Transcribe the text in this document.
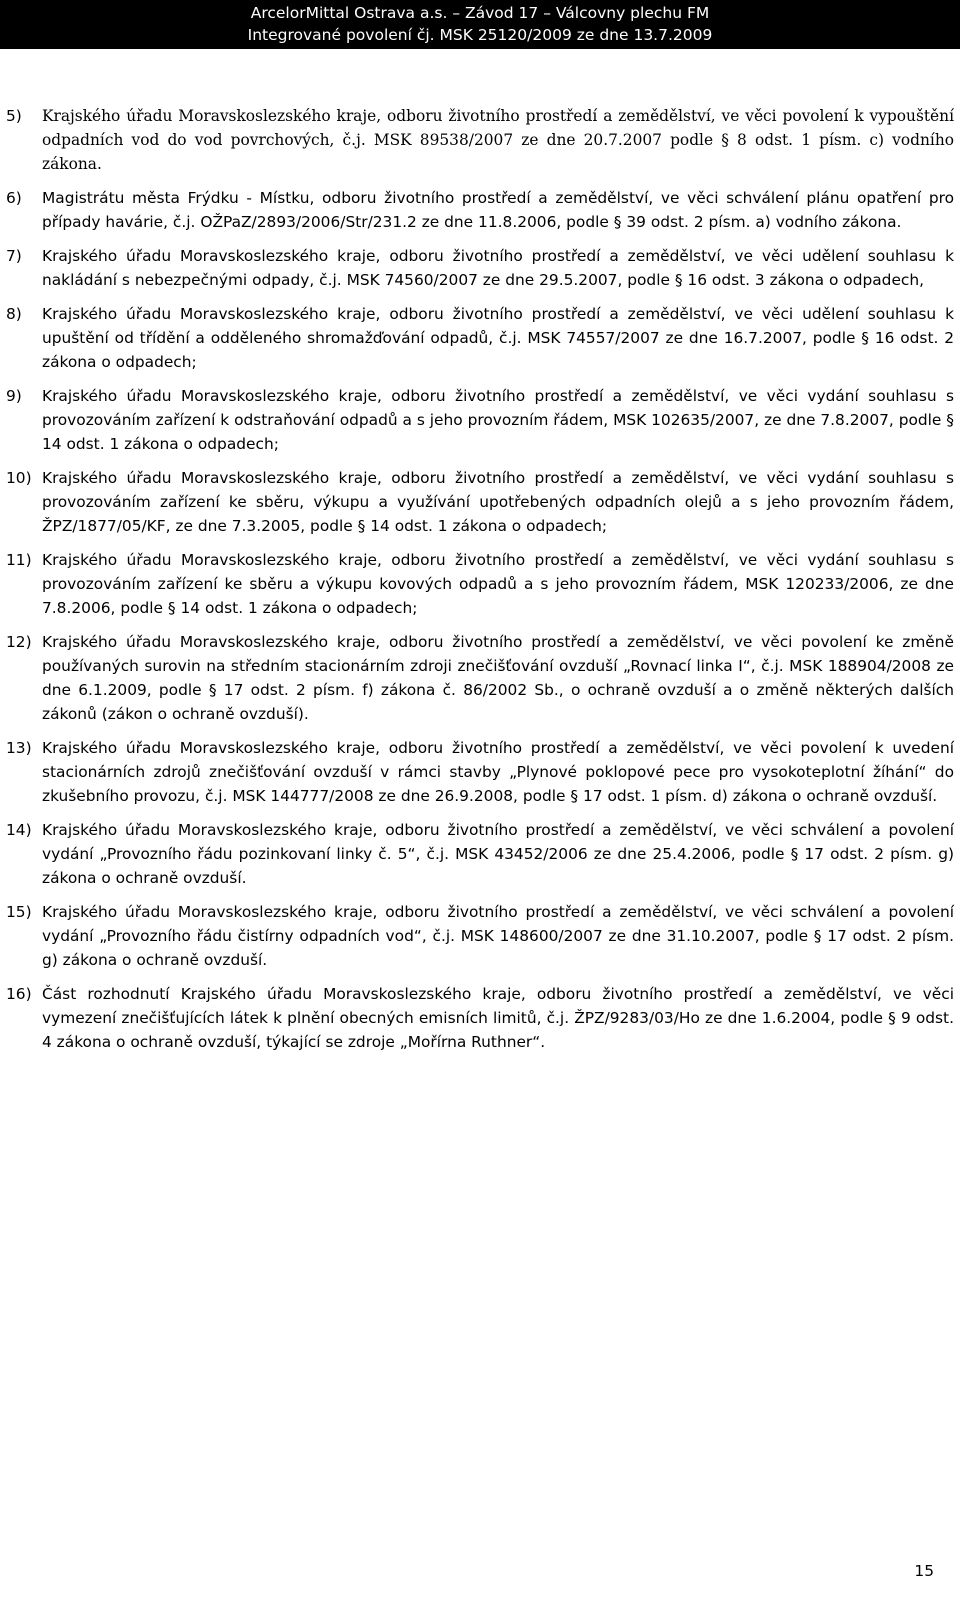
ArcelorMittal Ostrava a.s. – Závod 17 – Válcovny plechu FM
Integrované povolení čj. MSK 25120/2009 ze dne 13.7.2009
5)	Krajského úřadu Moravskoslezského kraje, odboru životního prostředí a zemědělství, ve věci povolení k vypouštění odpadních vod do vod povrchových, č.j. MSK 89538/2007 ze dne 20.7.2007 podle § 8 odst. 1 písm. c) vodního zákona.
6)	Magistrátu města Frýdku - Místku, odboru životního prostředí a zemědělství, ve věci schválení plánu opatření pro případy havárie, č.j. OŽPaZ/2893/2006/Str/231.2 ze dne 11.8.2006, podle § 39 odst. 2 písm. a) vodního zákona.
7)	Krajského úřadu Moravskoslezského kraje, odboru životního prostředí a zemědělství, ve věci udělení souhlasu k nakládání s nebezpečnými odpady, č.j. MSK 74560/2007 ze dne 29.5.2007, podle § 16 odst. 3 zákona o odpadech,
8)	Krajského úřadu Moravskoslezského kraje, odboru životního prostředí a zemědělství, ve věci udělení souhlasu k upuštění od třídění a odděleného shromažďování odpadů, č.j. MSK 74557/2007 ze dne 16.7.2007, podle § 16 odst. 2 zákona o odpadech;
9)	Krajského úřadu Moravskoslezského kraje, odboru životního prostředí a zemědělství, ve věci vydání souhlasu s provozováním zařízení k odstraňování odpadů a s jeho provozním řádem, MSK 102635/2007, ze dne 7.8.2007, podle § 14 odst. 1 zákona o odpadech;
10) Krajského úřadu Moravskoslezského kraje, odboru životního prostředí a zemědělství, ve věci vydání souhlasu s provozováním zařízení ke sběru, výkupu a využívání upotřebených odpadních olejů a s jeho provozním řádem, ŽPZ/1877/05/KF, ze dne 7.3.2005, podle § 14 odst. 1 zákona o odpadech;
11) Krajského úřadu Moravskoslezského kraje, odboru životního prostředí a zemědělství, ve věci vydání souhlasu s provozováním zařízení ke sběru a výkupu kovových odpadů a s jeho provozním řádem, MSK 120233/2006, ze dne 7.8.2006, podle § 14 odst. 1 zákona o odpadech;
12) Krajského úřadu Moravskoslezského kraje, odboru životního prostředí a zemědělství, ve věci povolení ke změně používaných surovin na středním stacionárním zdroji znečišťování ovzduší „Rovnací linka I“, č.j. MSK 188904/2008 ze dne 6.1.2009, podle § 17 odst. 2 písm. f) zákona č. 86/2002 Sb., o ochraně ovzduší a o změně některých dalších zákonů (zákon o ochraně ovzduší).
13) Krajského úřadu Moravskoslezského kraje, odboru životního prostředí a zemědělství, ve věci povolení k uvedení stacionárních zdrojů znečišťování ovzduší v rámci stavby „Plynové poklopové pece pro vysokoteplotní žíhání“ do zkušebního provozu, č.j. MSK 144777/2008 ze dne 26.9.2008, podle § 17 odst. 1 písm. d) zákona o ochraně ovzduší.
14) Krajského úřadu Moravskoslezského kraje, odboru životního prostředí a zemědělství, ve věci schválení a povolení vydání „Provozního řádu pozinkovaní linky č. 5“, č.j. MSK 43452/2006 ze dne 25.4.2006, podle § 17 odst. 2 písm. g) zákona o ochraně ovzduší.
15) Krajského úřadu Moravskoslezského kraje, odboru životního prostředí a zemědělství, ve věci schválení a povolení vydání „Provozního řádu čistírny odpadních vod“, č.j. MSK 148600/2007 ze dne 31.10.2007, podle § 17 odst. 2 písm. g) zákona o ochraně ovzduší.
16) Část rozhodnutí Krajského úřadu Moravskoslezského kraje, odboru životního prostředí a zemědělství, ve věci vymezení znečišťujících látek k plnění obecných emisních limitů, č.j. ŽPZ/9283/03/Ho ze dne 1.6.2004, podle § 9 odst. 4 zákona o ochraně ovzduší, týkající se zdroje „Mořírna Ruthner“.
15
